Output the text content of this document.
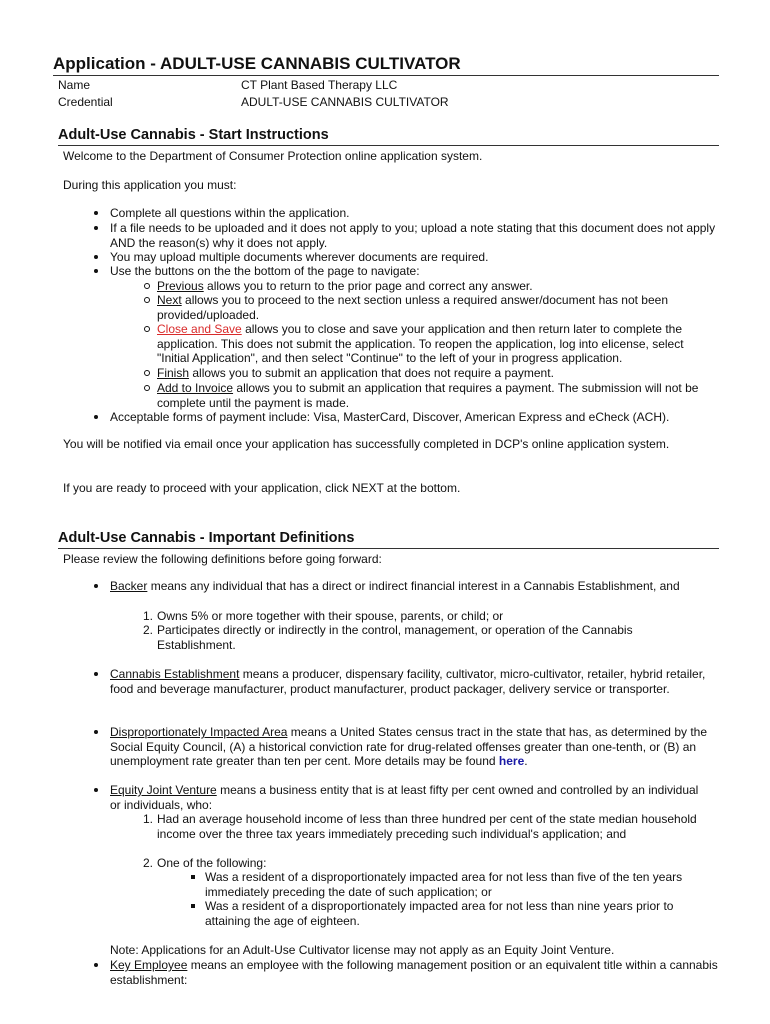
Application - ADULT-USE CANNABIS CULTIVATOR
Name	CT Plant Based Therapy LLC
Credential	ADULT-USE CANNABIS CULTIVATOR
Adult-Use Cannabis - Start Instructions
Welcome to the Department of Consumer Protection online application system.
During this application you must:
Complete all questions within the application.
If a file needs to be uploaded and it does not apply to you; upload a note stating that this document does not apply AND the reason(s) why it does not apply.
You may upload multiple documents wherever documents are required.
Use the buttons on the the bottom of the page to navigate:
Previous allows you to return to the prior page and correct any answer.
Next allows you to proceed to the next section unless a required answer/document has not been provided/uploaded.
Close and Save allows you to close and save your application and then return later to complete the application. This does not submit the application. To reopen the application, log into elicense, select "Initial Application", and then select "Continue" to the left of your in progress application.
Finish allows you to submit an application that does not require a payment.
Add to Invoice allows you to submit an application that requires a payment. The submission will not be complete until the payment is made.
Acceptable forms of payment include: Visa, MasterCard, Discover, American Express and eCheck (ACH).
You will be notified via email once your application has successfully completed in DCP's online application system.
If you are ready to proceed with your application, click NEXT at the bottom.
Adult-Use Cannabis - Important Definitions
Please review the following definitions before going forward:
Backer means any individual that has a direct or indirect financial interest in a Cannabis Establishment, and
1. Owns 5% or more together with their spouse, parents, or child; or
2. Participates directly or indirectly in the control, management, or operation of the Cannabis Establishment.
Cannabis Establishment means a producer, dispensary facility, cultivator, micro-cultivator, retailer, hybrid retailer, food and beverage manufacturer, product manufacturer, product packager, delivery service or transporter.
Disproportionately Impacted Area means a United States census tract in the state that has, as determined by the Social Equity Council, (A) a historical conviction rate for drug-related offenses greater than one-tenth, or (B) an unemployment rate greater than ten per cent. More details may be found here.
Equity Joint Venture means a business entity that is at least fifty per cent owned and controlled by an individual or individuals, who:
1. Had an average household income of less than three hundred per cent of the state median household income over the three tax years immediately preceding such individual's application; and
2. One of the following:
Was a resident of a disproportionately impacted area for not less than five of the ten years immediately preceding the date of such application; or
Was a resident of a disproportionately impacted area for not less than nine years prior to attaining the age of eighteen.
Note: Applications for an Adult-Use Cultivator license may not apply as an Equity Joint Venture.
Key Employee means an employee with the following management position or an equivalent title within a cannabis establishment:
